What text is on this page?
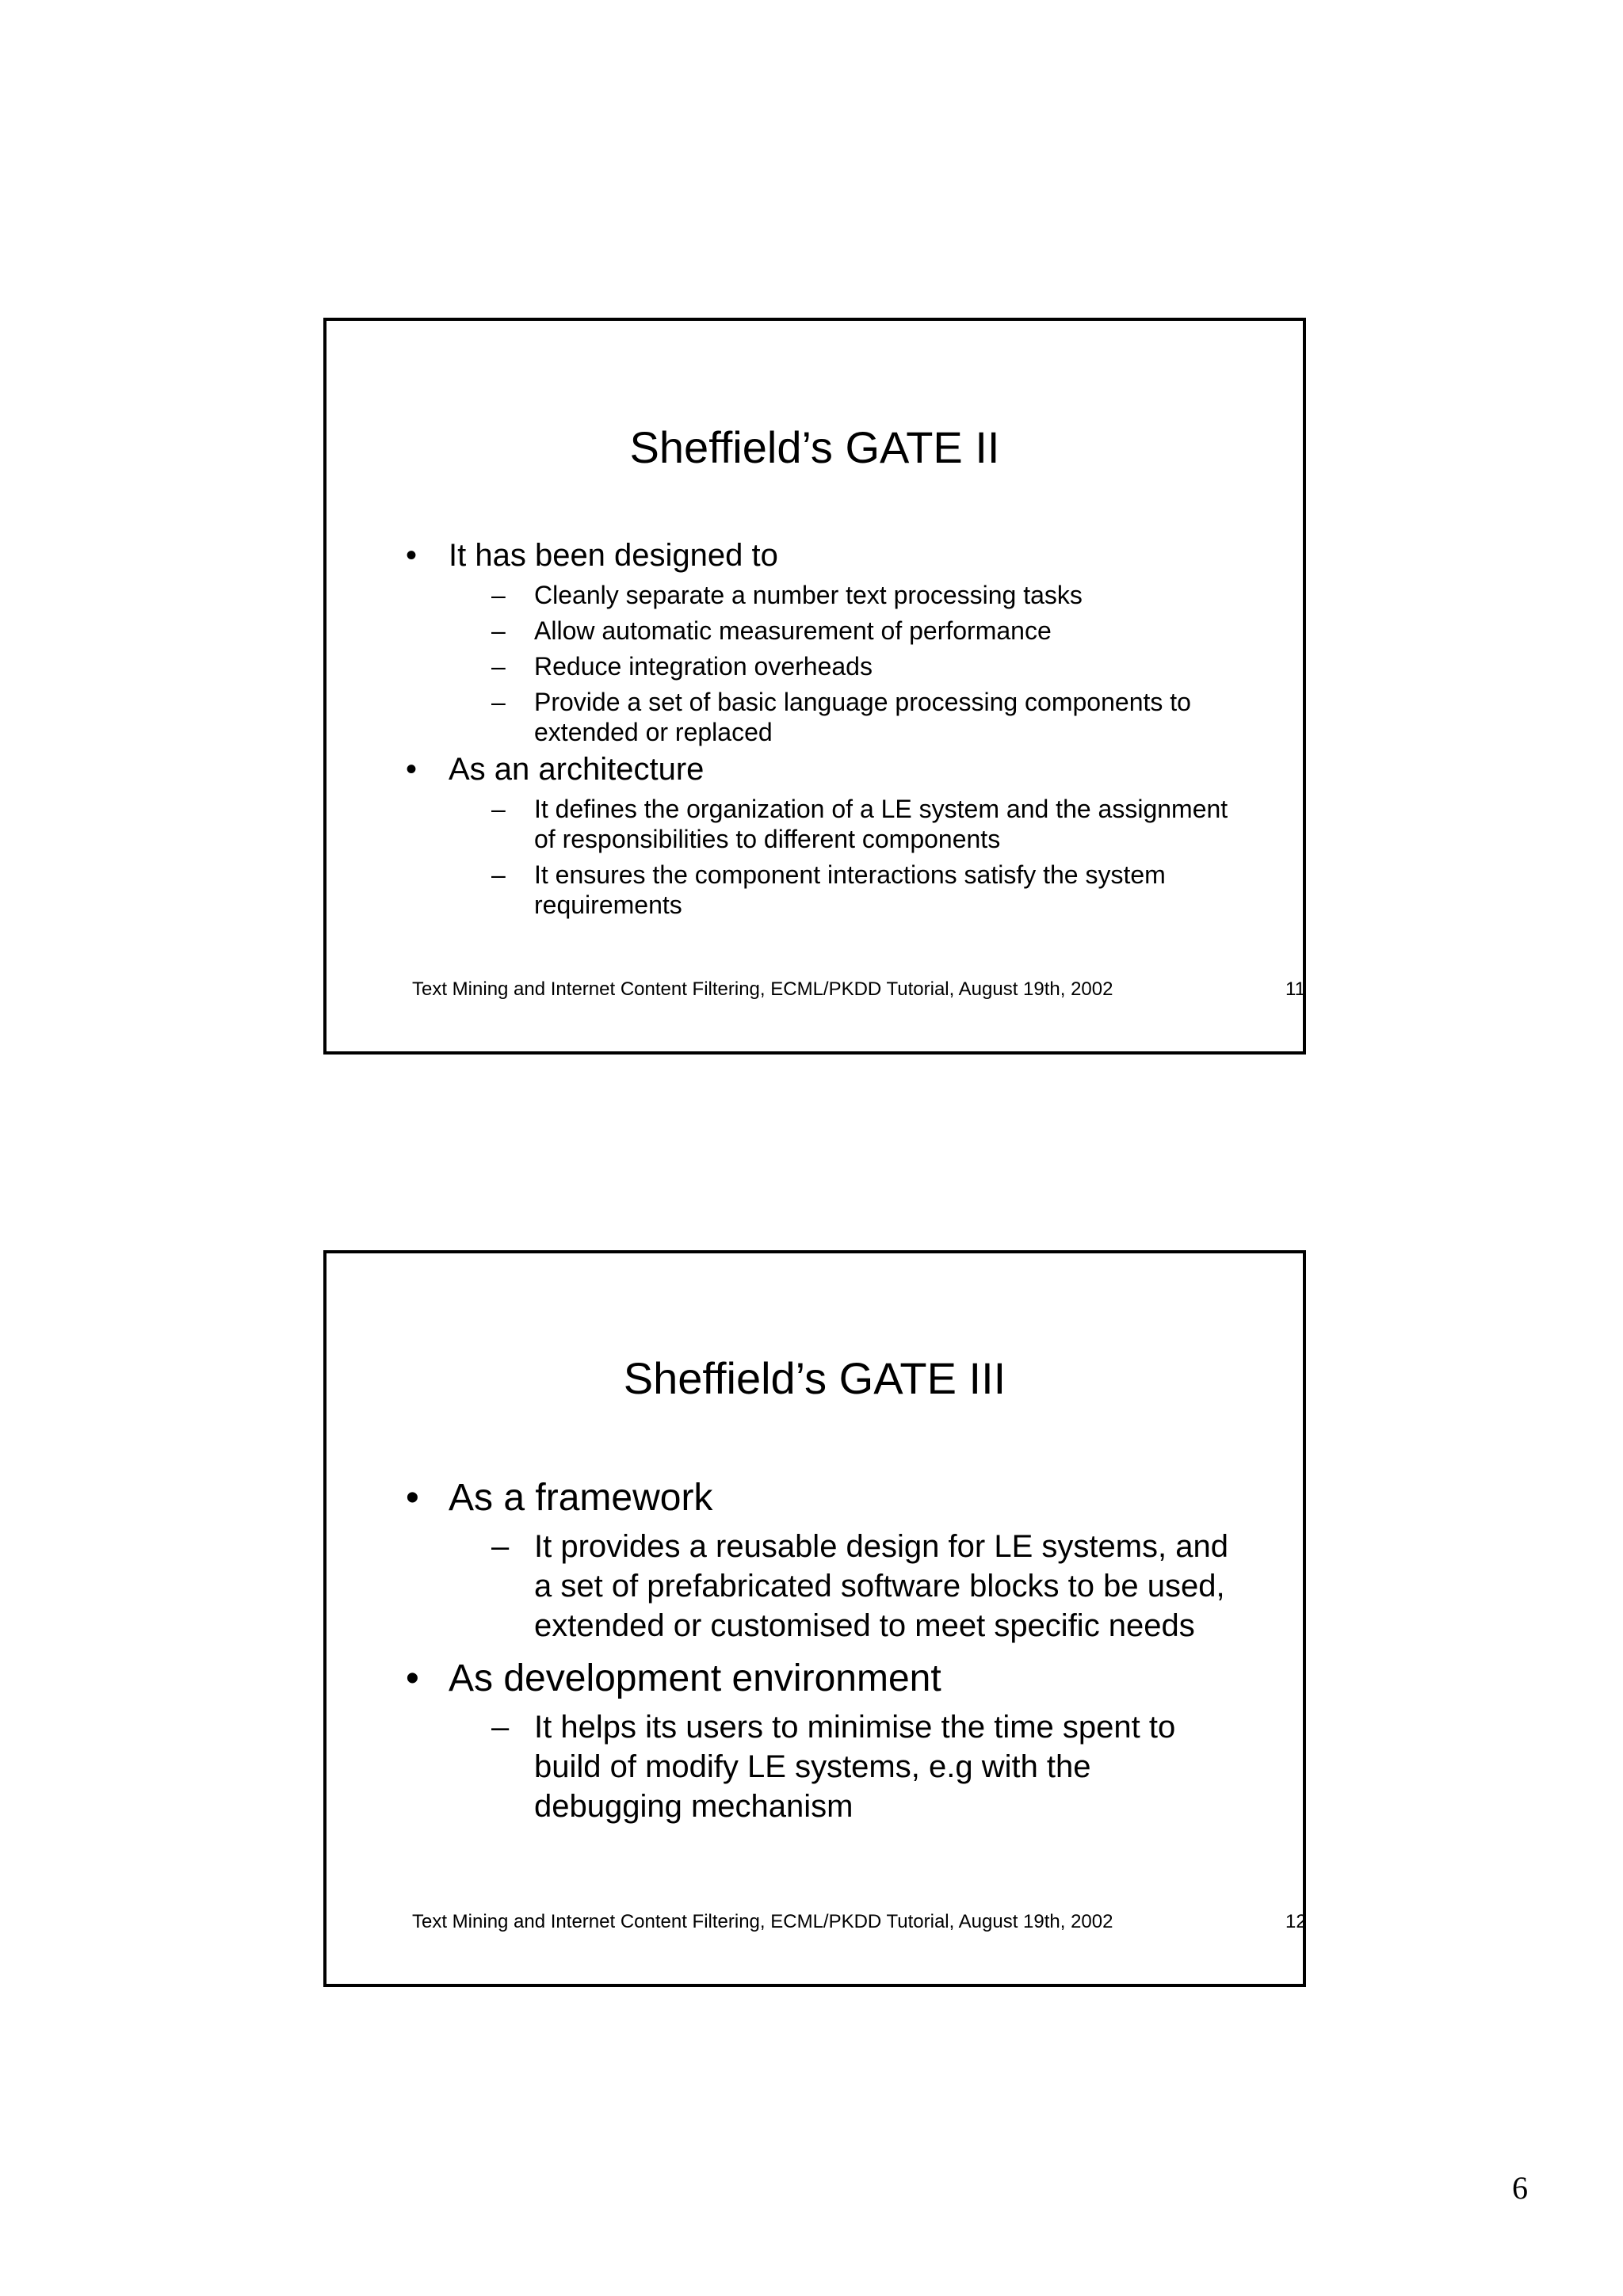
Sheffield’s GATE II
• It has been designed to
– Cleanly separate a number text processing tasks
– Allow automatic measurement of performance
– Reduce integration overheads
– Provide a set of basic language processing components to extended or replaced
• As an architecture
– It defines the organization of a LE system and the assignment of responsibilities to different components
– It ensures the component interactions satisfy the system requirements
Text Mining and Internet Content Filtering, ECML/PKDD Tutorial, August 19th, 2002	11
Sheffield’s GATE III
• As a framework
– It provides a reusable design for LE systems, and a set of prefabricated software blocks to be used, extended or customised to meet specific needs
• As development environment
– It helps its users to minimise the time spent to build of modify LE systems, e.g with the debugging mechanism
Text Mining and Internet Content Filtering, ECML/PKDD Tutorial, August 19th, 2002	12
6
